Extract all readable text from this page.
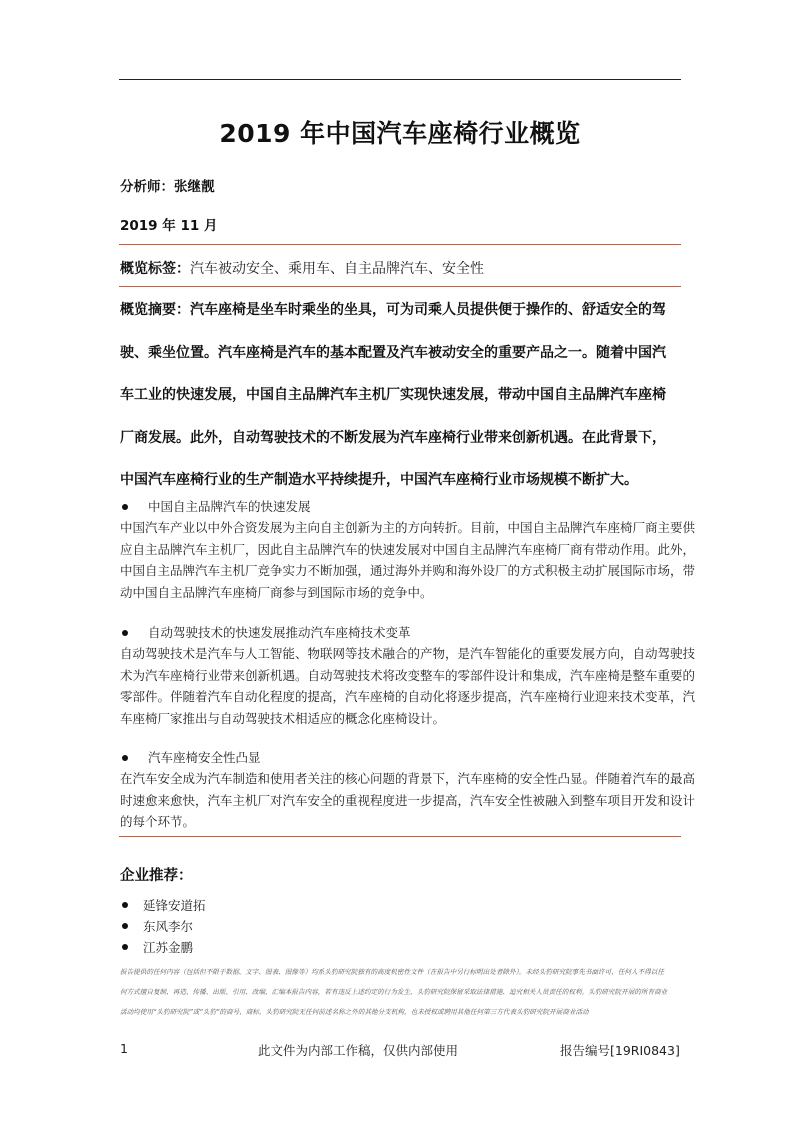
2019 年中国汽车座椅行业概览
分析师：张继靓
2019 年 11 月
概览标签：汽车被动安全、乘用车、自主品牌汽车、安全性

概览摘要：汽车座椅是坐车时乘坐的坐具，可为司乘人员提供便于操作的、舒适安全的驾

驶、乘坐位置。汽车座椅是汽车的基本配置及汽车被动安全的重要产品之一。随着中国汽

车工业的快速发展，中国自主品牌汽车主机厂实现快速发展，带动中国自主品牌汽车座椅

厂商发展。此外，自动驾驶技术的不断发展为汽车座椅行业带来创新机遇。在此背景下，

中国汽车座椅行业的生产制造水平持续提升，中国汽车座椅行业市场规模不断扩大。

中国自主品牌汽车的快速发展
中国汽车产业以中外合资发展为主向自主创新为主的方向转折。目前，中国自主品牌汽车座椅厂商主要供
应自主品牌汽车主机厂，因此自主品牌汽车的快速发展对中国自主品牌汽车座椅厂商有带动作用。此外，
中国自主品牌汽车主机厂竞争实力不断加强，通过海外并购和海外设厂的方式积极主动扩展国际市场，带
动中国自主品牌汽车座椅厂商参与到国际市场的竞争中。
自动驾驶技术的快速发展推动汽车座椅技术变革
自动驾驶技术是汽车与人工智能、物联网等技术融合的产物，是汽车智能化的重要发展方向，自动驾驶技
术为汽车座椅行业带来创新机遇。自动驾驶技术将改变整车的零部件设计和集成，汽车座椅是整车重要的
零部件。伴随着汽车自动化程度的提高，汽车座椅的自动化将逐步提高，汽车座椅行业迎来技术变革，汽
车座椅厂家推出与自动驾驶技术相适应的概念化座椅设计。
汽车座椅安全性凸显
在汽车安全成为汽车制造和使用者关注的核心问题的背景下，汽车座椅的安全性凸显。伴随着汽车的最高
时速愈来愈快，汽车主机厂对汽车安全的重视程度进一步提高，汽车安全性被融入到整车项目开发和设计
的每个环节。
企业推荐：
延锋安道拓
东风李尔
江苏金鹏
报告提供的任何内容（包括但不限于数据、文字、图表、图像等）均系头豹研究院独有的高度机密性文件（在报告中另行标明出处者除外）。未经头豹研究院事先书面许可，任何人不得以任
何方式擅自复制、再造、传播、出版、引用、改编、汇编本报告内容，若有违反上述约定的行为发生，头豹研究院保留采取法律措施、追究相关人员责任的权利。头豹研究院开展的所有商业
活动均使用“头豹研究院”或“头豹”的商号、商标，头豹研究院无任何前述名称之外的其他分支机构，也未授权或聘用其他任何第三方代表头豹研究院开展商业活动
1	此文件为内部工作稿，仅供内部使用	报告编号[19RI0843]
